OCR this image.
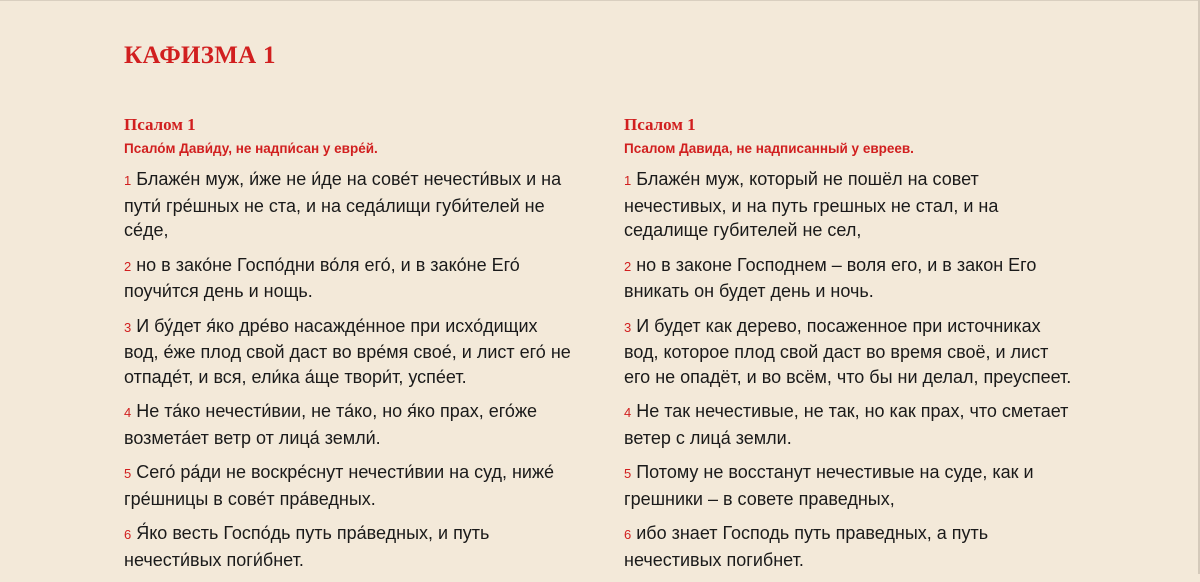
КАФИЗМА 1
Псалом 1
Псало́м Дави́ду, не надпи́сан у евре́й.
1 Блаже́н муж, и́же не и́де на сове́т нечести́вых и на пути́ гре́шных не ста, и на седа́лищи губи́телей не се́де,
2 но в зако́не Госпо́дни во́ля его́, и в зако́не Его́ поучи́тся день и нощь.
3 И бу́дет я́ко дре́во насажде́нное при исхо́дищих вод, е́же плод свой даст во вре́мя свое́, и лист его́ не отпаде́т, и вся, ели́ка а́ще твори́т, успе́ет.
4 Не та́ко нечести́вии, не та́ко, но я́ко прах, его́же возмета́ет ветр от лица́ земли́.
5 Сего́ ра́ди не воскре́снут нечести́вии на суд, ниже́ гре́шницы в сове́т пра́ведных.
6 Я́ко весть Госпо́дь путь пра́ведных, и путь нечести́вых поги́бнет.
Псалом 1
Псалом Давида, не надписанный у евреев.
1 Блаже́н муж, который не пошёл на совет нечестивых, и на путь грешных не стал, и на седалище губителей не сел,
2 но в законе Господнем – воля его, и в закон Его вникать он будет день и ночь.
3 И будет как дерево, посаженное при источниках вод, которое плод свой даст во время своё, и лист его не опадёт, и во всём, что бы ни делал, преуспеет.
4 Не так нечестивые, не так, но как прах, что сметает ветер с лица́ земли.
5 Потому не восстанут нечестивые на суде, как и грешники – в совете праведных,
6 ибо знает Господь путь праведных, а путь нечестивых погибнет.
